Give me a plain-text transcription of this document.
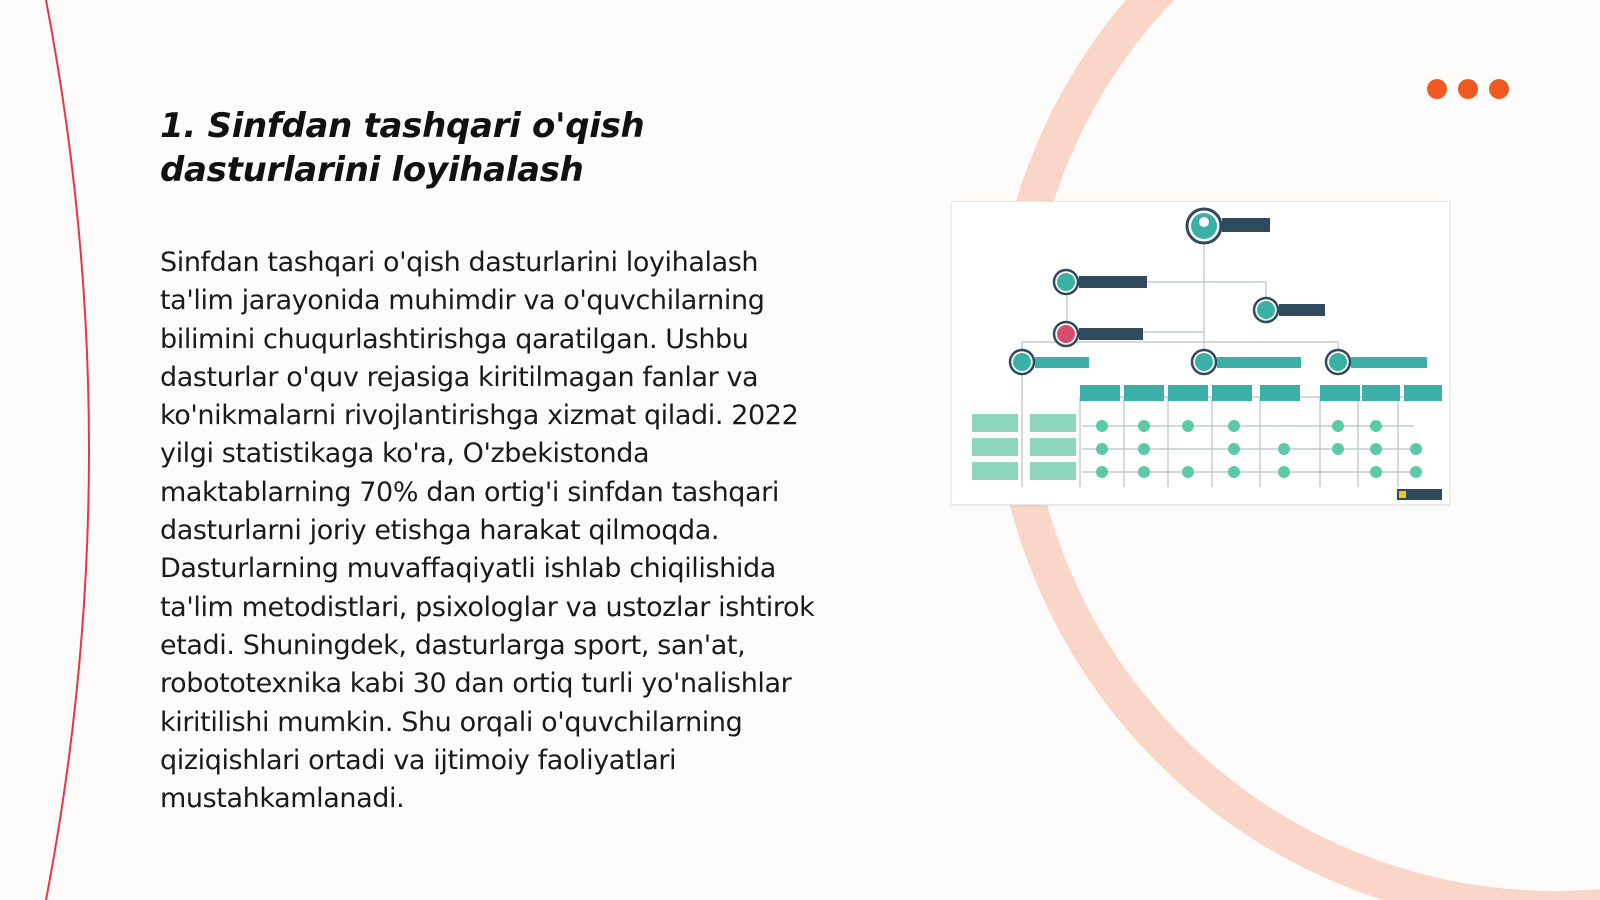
1. Sinfdan tashqari o'qish dasturlarini loyihalash

Sinfdan tashqari o'qish dasturlarini loyihalash ta'lim jarayonida muhimdir va o'quvchilarning bilimini chuqurlashtirishga qaratilgan. Ushbu dasturlar o'quv rejasiga kiritilmagan fanlar va ko'nikmalarni rivojlantirishga xizmat qiladi. 2022 yilgi statistikaga ko'ra, O'zbekistonda maktablarning 70% dan ortig'i sinfdan tashqari dasturlarni joriy etishga harakat qilmoqda. Dasturlarning muvaffaqiyatli ishlab chiqilishida ta'lim metodistlari, psixologlar va ustozlar ishtirok etadi. Shuningdek, dasturlarga sport, san'at, robototexnika kabi 30 dan ortiq turli yo'nalishlar kiritilishi mumkin. Shu orqali o'quvchilarning qiziqishlari ortadi va ijtimoiy faoliyatlari mustahkamlanadi.
